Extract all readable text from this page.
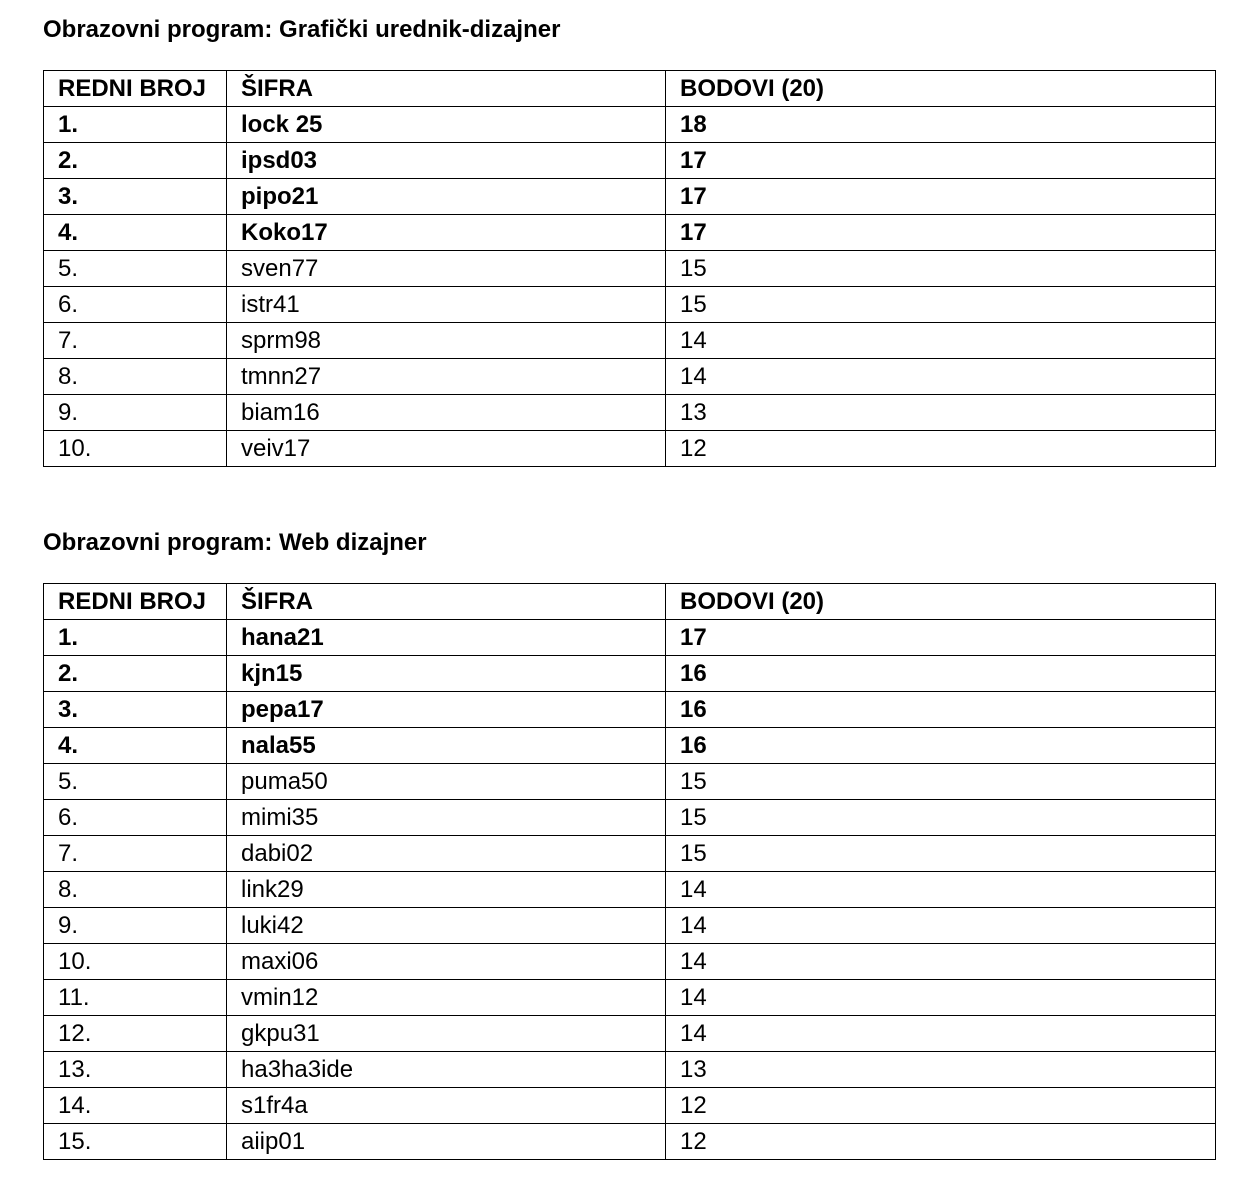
Obrazovni program: Grafički urednik-dizajner
REDNI BROJ	ŠIFRA	BODOVI (20)
1.	lock 25	18
2.	ipsd03	17
3.	pipo21	17
4.	Koko17	17
5.	sven77	15
6.	istr41	15
7.	sprm98	14
8.	tmnn27	14
9.	biam16	13
10.	veiv17	12
Obrazovni program: Web dizajner
REDNI BROJ	ŠIFRA	BODOVI (20)
1.	hana21	17
2.	kjn15	16
3.	pepa17	16
4.	nala55	16
5.	puma50	15
6.	mimi35	15
7.	dabi02	15
8.	link29	14
9.	luki42	14
10.	maxi06	14
11.	vmin12	14
12.	gkpu31	14
13.	ha3ha3ide	13
14.	s1fr4a	12
15.	aiip01	12
